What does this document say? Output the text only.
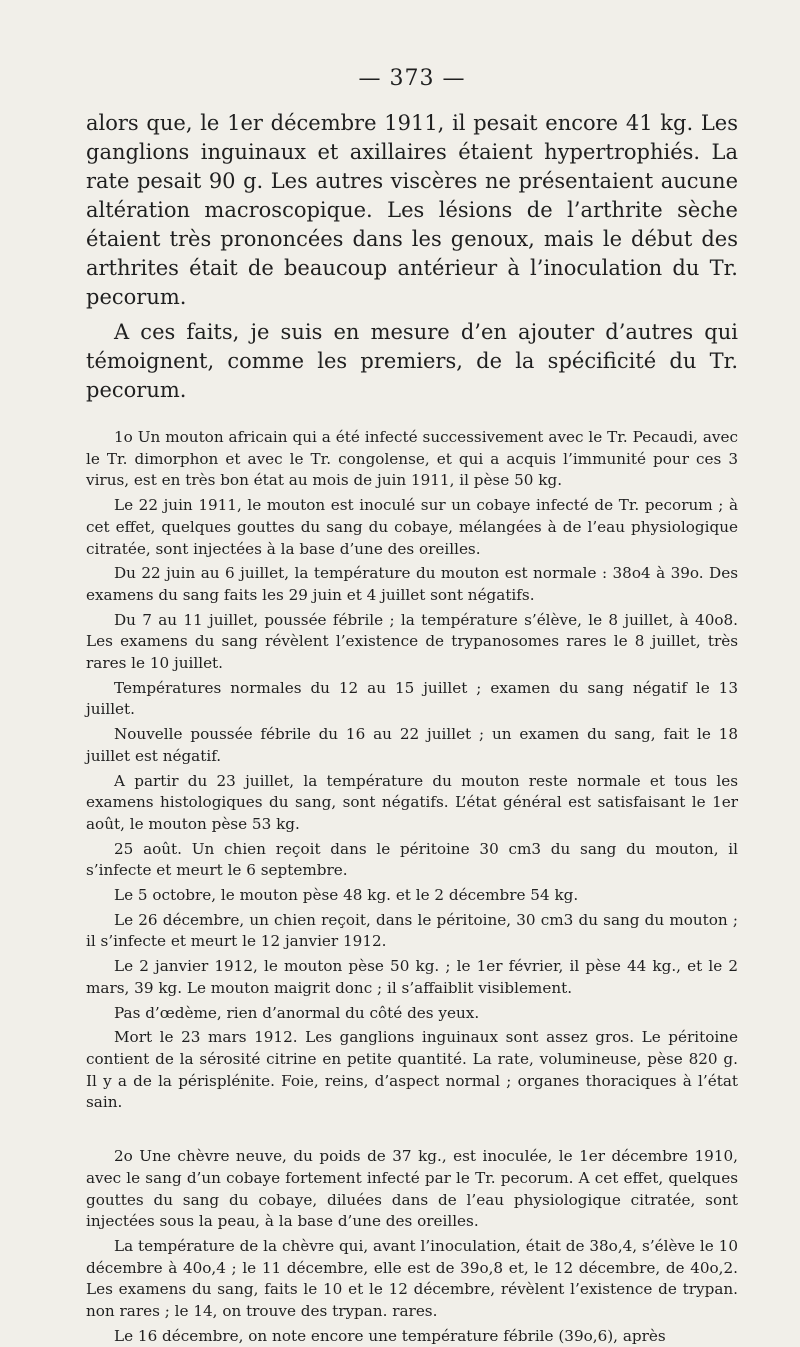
— 373 —

alors que, le 1er décembre 1911, il pesait encore 41 kg. Les ganglions inguinaux et axillaires étaient hypertrophiés. La rate pesait 90 g. Les autres viscères ne présentaient aucune altération macroscopique. Les lésions de l’arthrite sèche étaient très prononcées dans les genoux, mais le début des arthrites était de beaucoup antérieur à l’inoculation du Tr. pecorum.

A ces faits, je suis en mesure d’en ajouter d’autres qui témoignent, comme les premiers, de la spécificité du Tr. pecorum.

1o Un mouton africain qui a été infecté successivement avec le Tr. Pecaudi, avec le Tr. dimorphon et avec le Tr. congolense, et qui a acquis l’immunité pour ces 3 virus, est en très bon état au mois de juin 1911, il pèse 50 kg.

Le 22 juin 1911, le mouton est inoculé sur un cobaye infecté de Tr. pecorum ; à cet effet, quelques gouttes du sang du cobaye, mélangées à de l’eau physiologique citratée, sont injectées à la base d’une des oreilles.

Du 22 juin au 6 juillet, la température du mouton est normale : 38o4 à 39o. Des examens du sang faits les 29 juin et 4 juillet sont négatifs.

Du 7 au 11 juillet, poussée fébrile ; la température s’élève, le 8 juillet, à 40o8. Les examens du sang révèlent l’existence de trypanosomes rares le 8 juillet, très rares le 10 juillet.

Températures normales du 12 au 15 juillet ; examen du sang négatif le 13 juillet.

Nouvelle poussée fébrile du 16 au 22 juillet ; un examen du sang, fait le 18 juillet est négatif.

A partir du 23 juillet, la température du mouton reste normale et tous les examens histologiques du sang, sont négatifs. L’état général est satisfaisant le 1er août, le mouton pèse 53 kg.

25 août. Un chien reçoit dans le péritoine 30 cm3 du sang du mouton, il s’infecte et meurt le 6 septembre.

Le 5 octobre, le mouton pèse 48 kg. et le 2 décembre 54 kg.

Le 26 décembre, un chien reçoit, dans le péritoine, 30 cm3 du sang du mouton ; il s’infecte et meurt le 12 janvier 1912.

Le 2 janvier 1912, le mouton pèse 50 kg. ; le 1er février, il pèse 44 kg., et le 2 mars, 39 kg. Le mouton maigrit donc ; il s’affaiblit visiblement.

Pas d’œdème, rien d’anormal du côté des yeux.

Mort le 23 mars 1912. Les ganglions inguinaux sont assez gros. Le péritoine contient de la sérosité citrine en petite quantité. La rate, volumineuse, pèse 820 g. Il y a de la périsplénite. Foie, reins, d’aspect normal ; organes thoraciques à l’état sain.

2o Une chèvre neuve, du poids de 37 kg., est inoculée, le 1er décembre 1910, avec le sang d’un cobaye fortement infecté par le Tr. pecorum. A cet effet, quelques gouttes du sang du cobaye, diluées dans de l’eau physiologique citratée, sont injectées sous la peau, à la base d’une des oreilles.

La température de la chèvre qui, avant l’inoculation, était de 38o,4, s’élève le 10 décembre à 40o,4 ; le 11 décembre, elle est de 39o,8 et, le 12 décembre, de 40o,2. Les examens du sang, faits le 10 et le 12 décembre, révèlent l’existence de trypan. non rares ; le 14, on trouve des trypan. rares.

Le 16 décembre, on note encore une température fébrile (39o,6), après
